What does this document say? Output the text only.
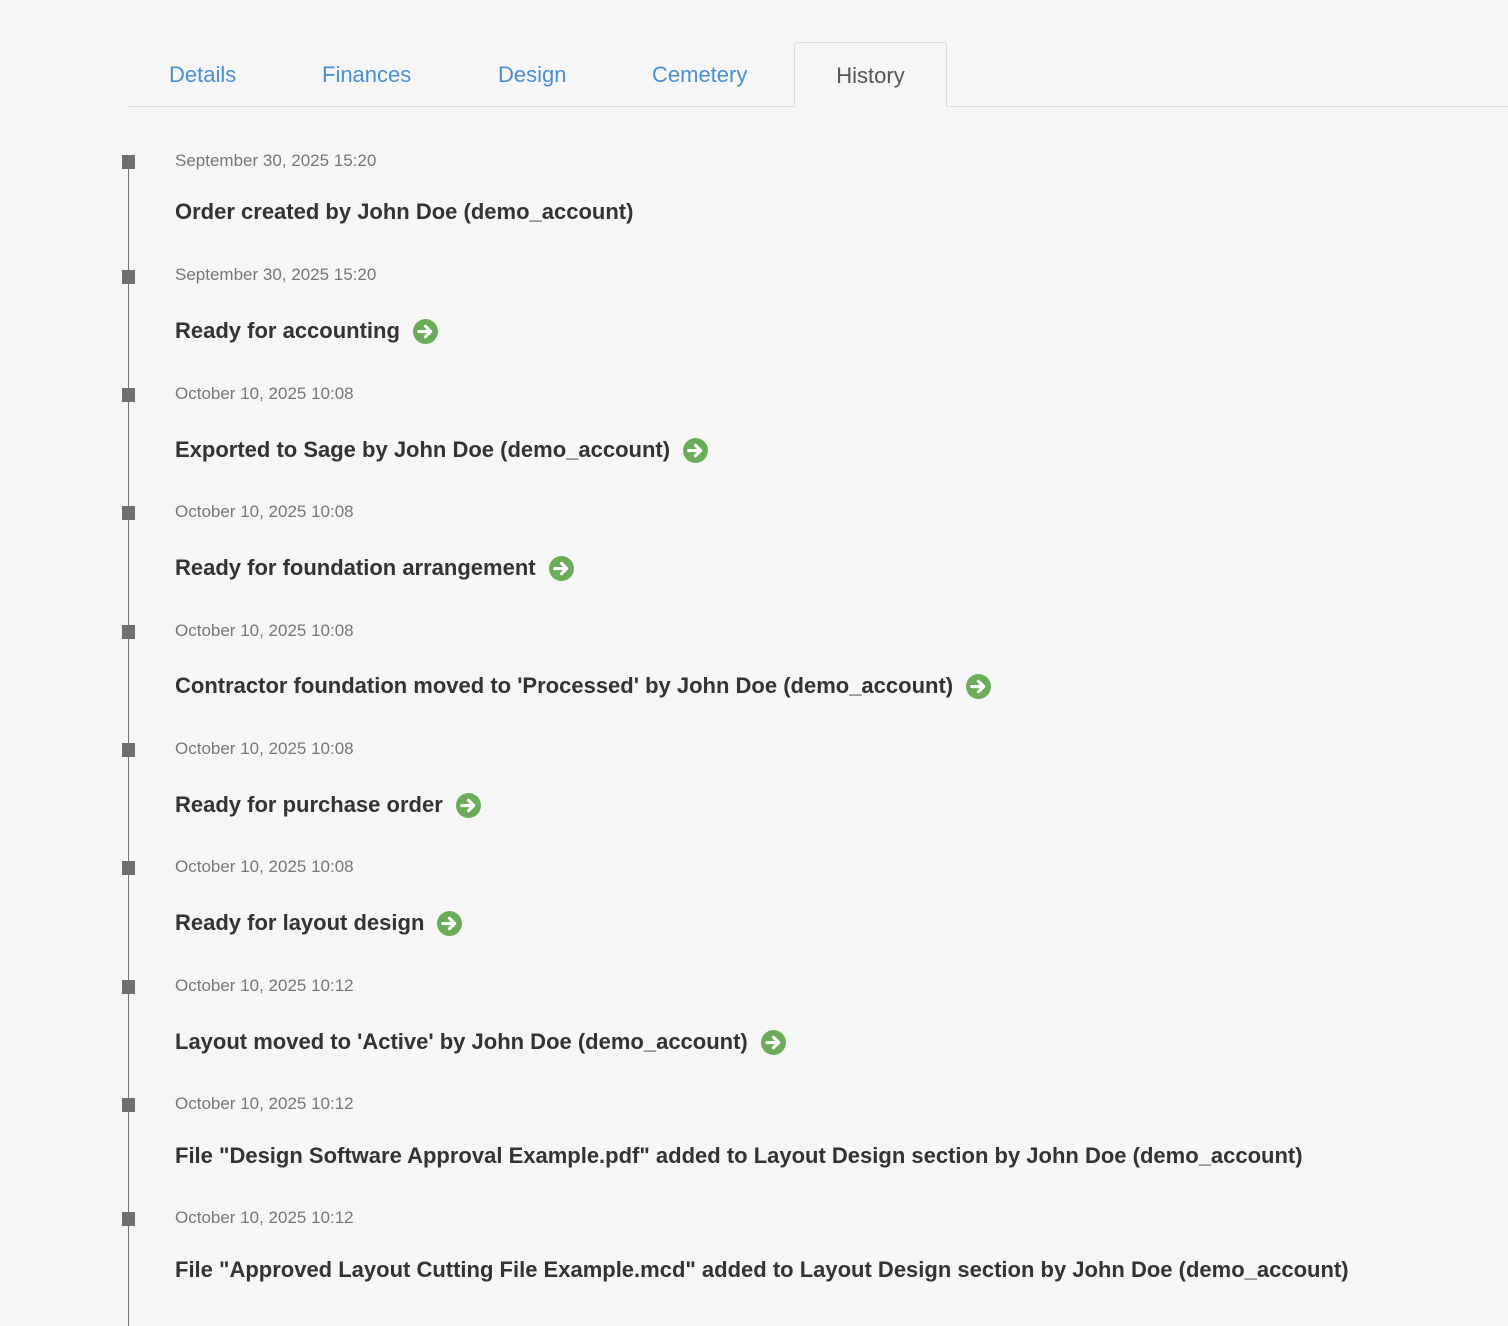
Details	Finances	Design	Cemetery	History
September 30, 2025 15:20
Order created by John Doe (demo_account)
September 30, 2025 15:20
Ready for accounting
October 10, 2025 10:08
Exported to Sage by John Doe (demo_account)
October 10, 2025 10:08
Ready for foundation arrangement
October 10, 2025 10:08
Contractor foundation moved to 'Processed' by John Doe (demo_account)
October 10, 2025 10:08
Ready for purchase order
October 10, 2025 10:08
Ready for layout design
October 10, 2025 10:12
Layout moved to 'Active' by John Doe (demo_account)
October 10, 2025 10:12
File "Design Software Approval Example.pdf" added to Layout Design section by John Doe (demo_account)
October 10, 2025 10:12
File "Approved Layout Cutting File Example.mcd" added to Layout Design section by John Doe (demo_account)
